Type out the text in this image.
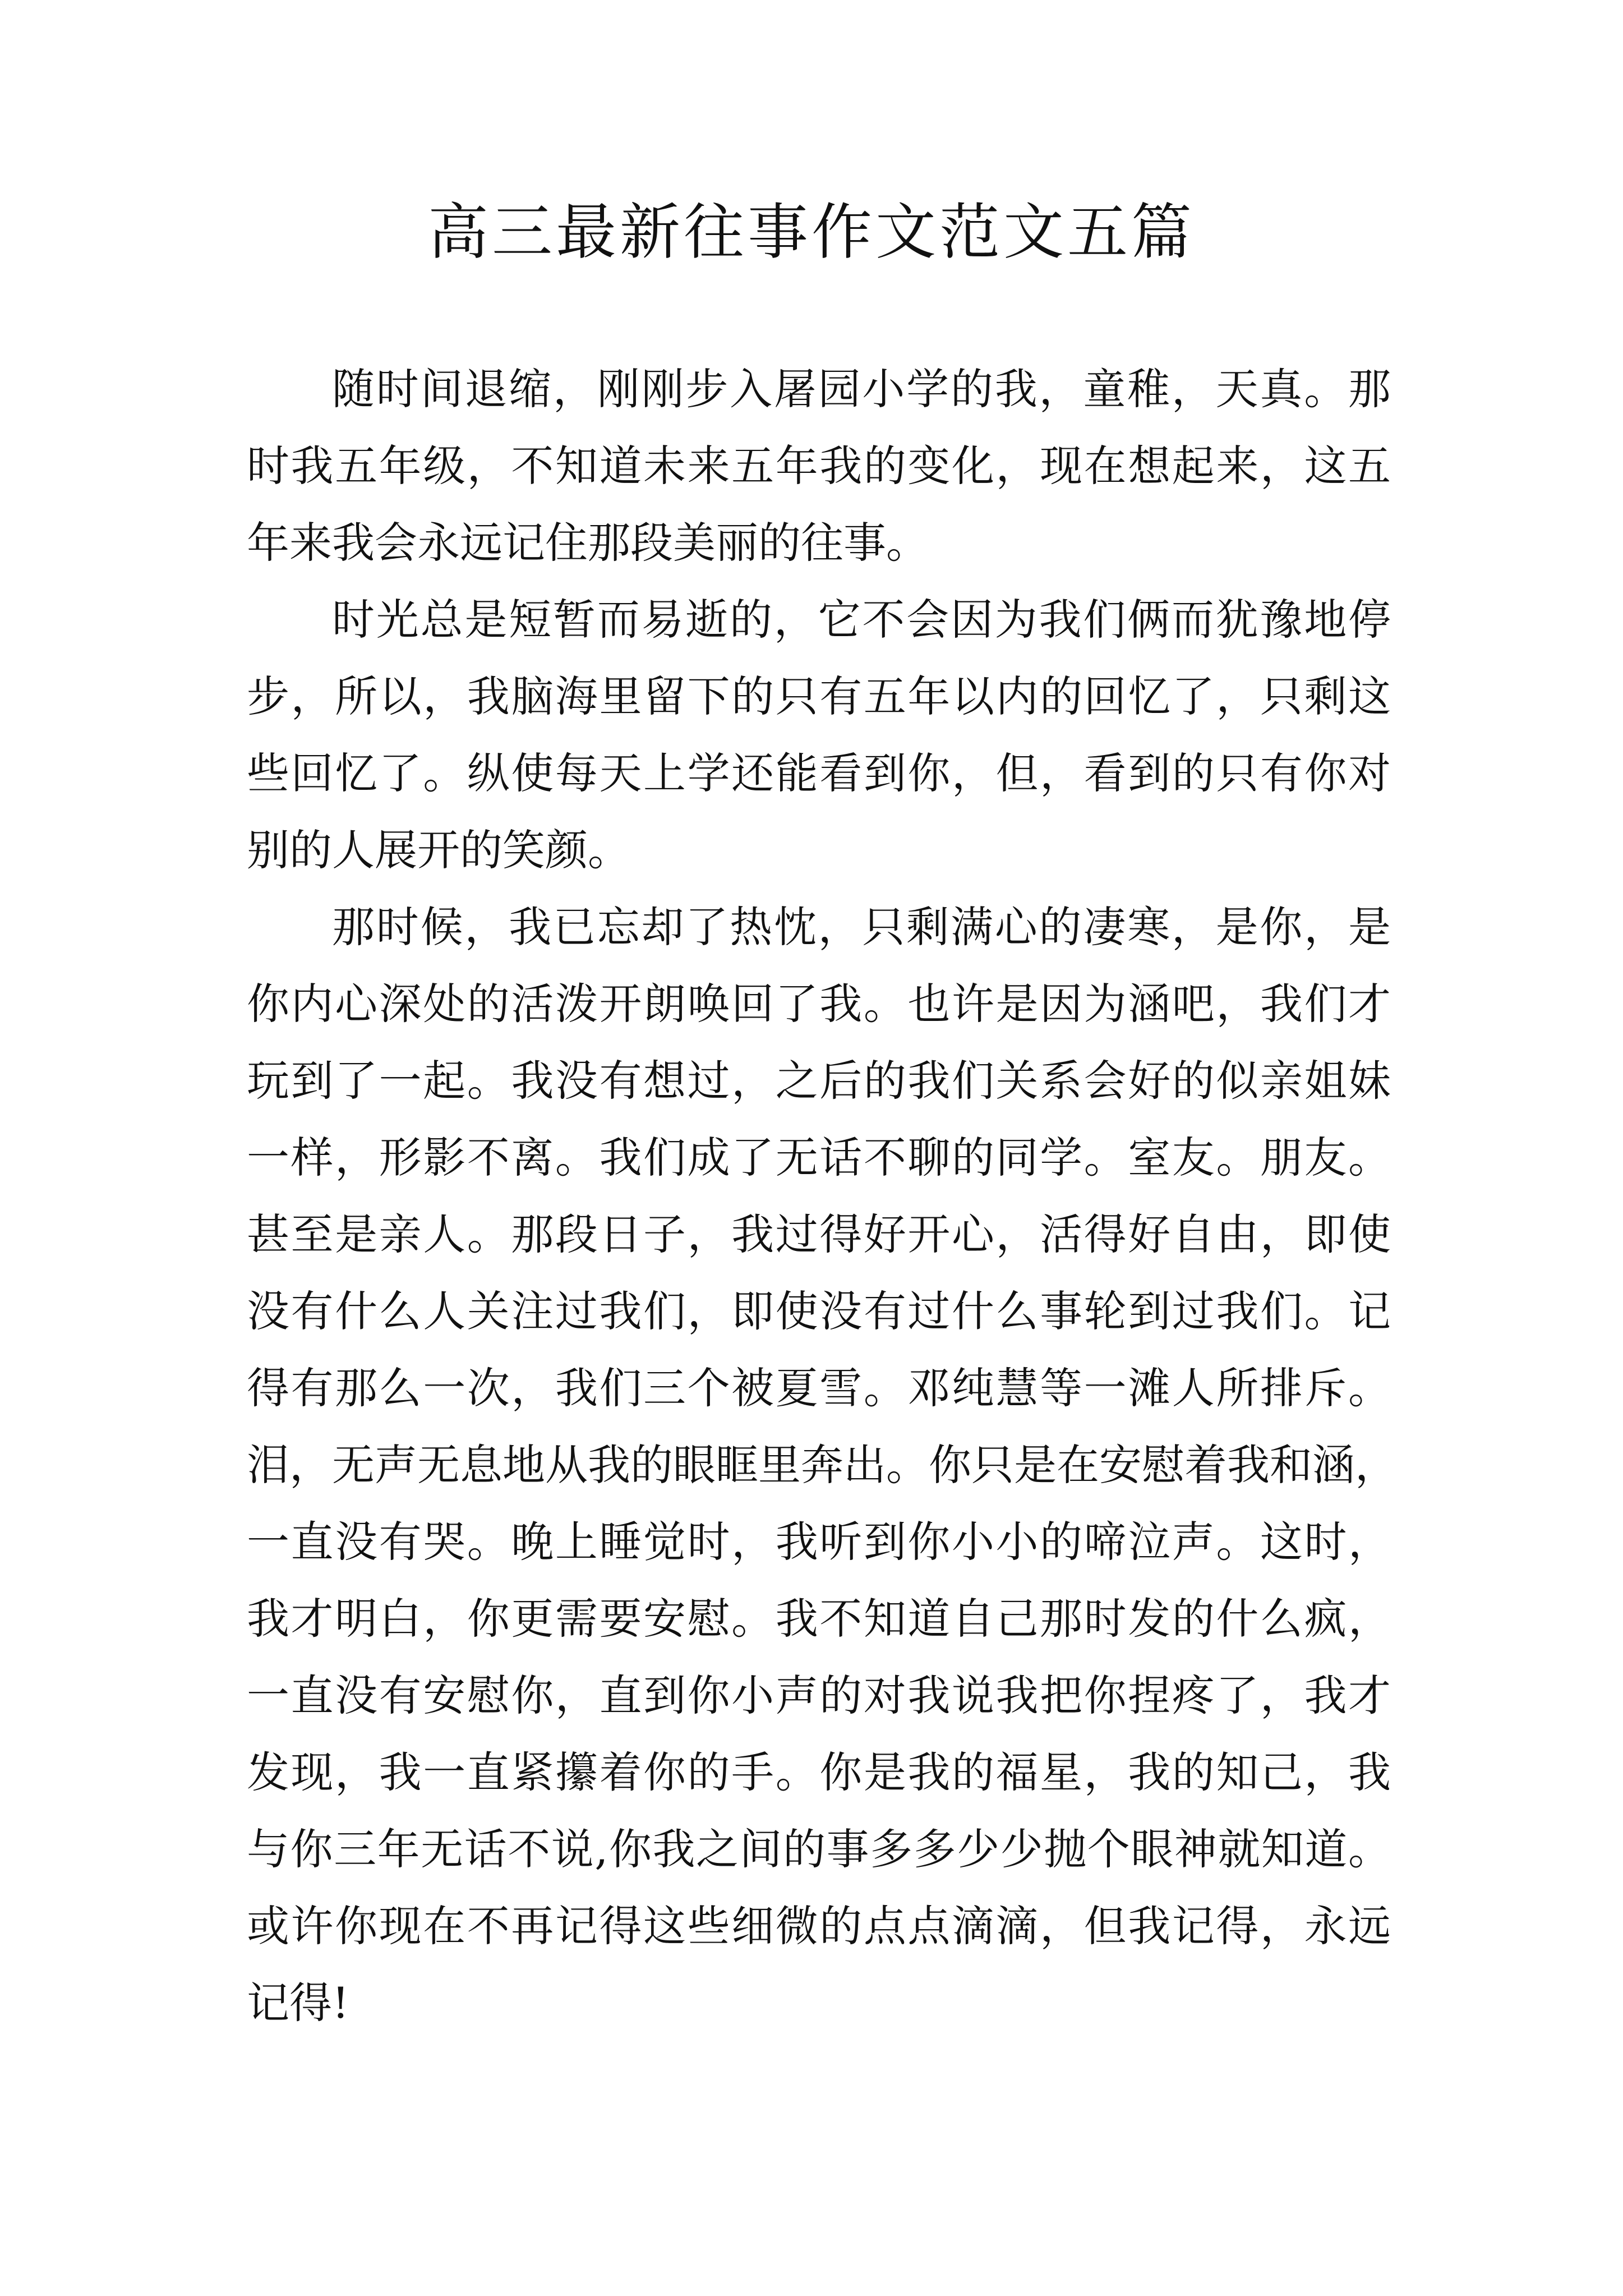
高三最新往事作文范文五篇

随时间退缩，刚刚步入屠园小学的我，童稚，天真。那
时我五年级，不知道未来五年我的变化，现在想起来，这五
年来我会永远记住那段美丽的往事。

时光总是短暂而易逝的，它不会因为我们俩而犹豫地停
步，所以，我脑海里留下的只有五年以内的回忆了，只剩这
些回忆了。纵使每天上学还能看到你，但，看到的只有你对
别的人展开的笑颜。

那时候，我已忘却了热忱，只剩满心的凄寒，是你，是
你内心深处的活泼开朗唤回了我。也许是因为涵吧，我们才
玩到了一起。我没有想过，之后的我们关系会好的似亲姐妹
一样，形影不离。我们成了无话不聊的同学。室友。朋友。
甚至是亲人。那段日子，我过得好开心，活得好自由，即使
没有什么人关注过我们，即使没有过什么事轮到过我们。记
得有那么一次，我们三个被夏雪。邓纯慧等一滩人所排斥。
泪，无声无息地从我的眼眶里奔出。你只是在安慰着我和涵，
一直没有哭。晚上睡觉时，我听到你小小的啼泣声。这时，
我才明白，你更需要安慰。我不知道自己那时发的什么疯，
一直没有安慰你，直到你小声的对我说我把你捏疼了，我才
发现，我一直紧攥着你的手。你是我的福星，我的知己，我
与你三年无话不说,你我之间的事多多少少抛个眼神就知道。
或许你现在不再记得这些细微的点点滴滴，但我记得，永远
记得!
